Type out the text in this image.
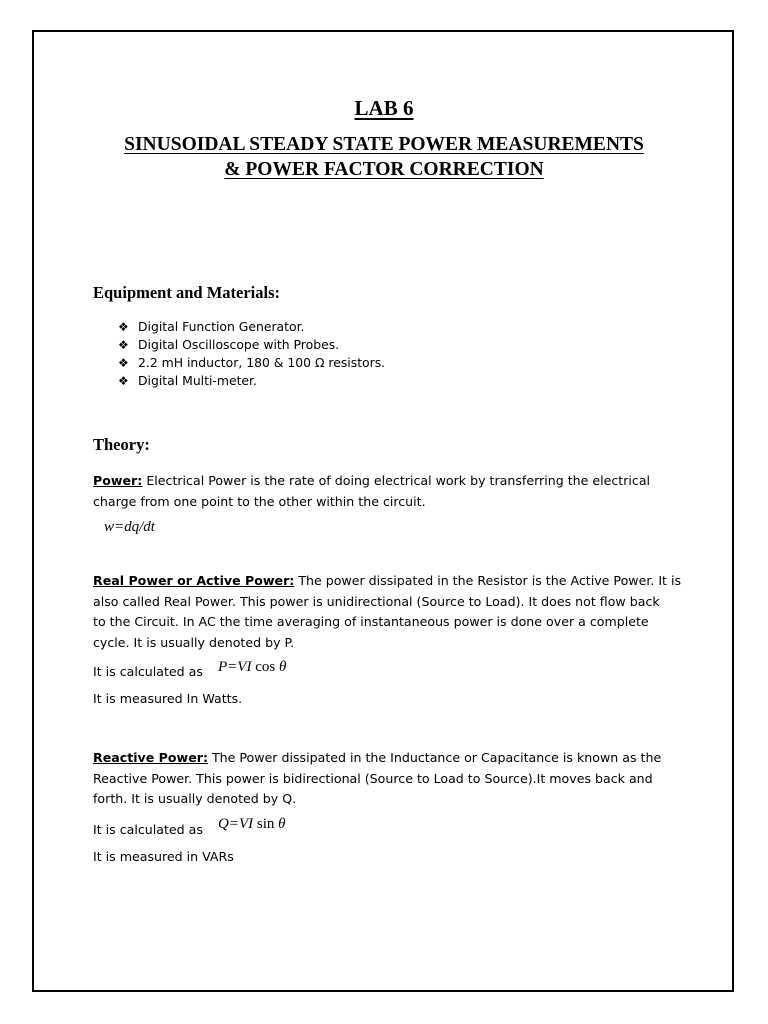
LAB 6
SINUSOIDAL STEADY STATE POWER MEASUREMENTS
& POWER FACTOR CORRECTION
Equipment and Materials:
❖ Digital Function Generator.
❖ Digital Oscilloscope with Probes.
❖ 2.2 mH inductor, 180 & 100 Ω resistors.
❖ Digital Multi-meter.
Theory:
Power: Electrical Power is the rate of doing electrical work by transferring the electrical
charge from one point to the other within the circuit.
w=dq/dt
Real Power or Active Power: The power dissipated in the Resistor is the Active Power. It is
also called Real Power. This power is unidirectional (Source to Load). It does not flow back
to the Circuit. In AC the time averaging of instantaneous power is done over a complete
cycle. It is usually denoted by P.
It is calculated as	P=VI cos θ
It is measured In Watts.
Reactive Power: The Power dissipated in the Inductance or Capacitance is known as the
Reactive Power. This power is bidirectional (Source to Load to Source).It moves back and
forth. It is usually denoted by Q.
It is calculated as	Q=VI sin θ
It is measured in VARs
